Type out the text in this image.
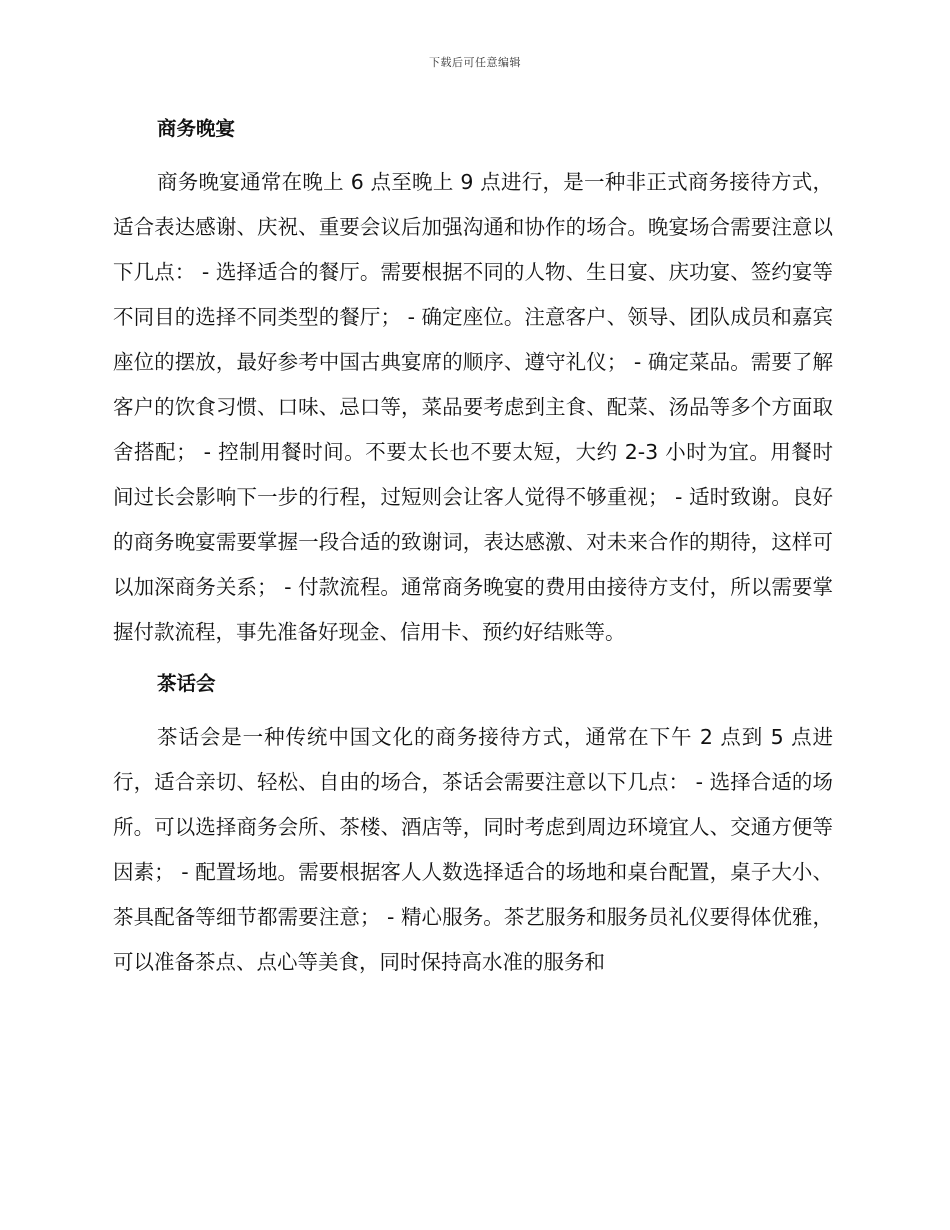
下载后可任意编辑
商务晚宴

商务晚宴通常在晚上 6 点至晚上 9 点进行，是一种非正式商务接待方式，适合表达感谢、庆祝、重要会议后加强沟通和协作的场合。晚宴场合需要注意以下几点： - 选择适合的餐厅。需要根据不同的人物、生日宴、庆功宴、签约宴等不同目的选择不同类型的餐厅； - 确定座位。注意客户、领导、团队成员和嘉宾座位的摆放，最好参考中国古典宴席的顺序、遵守礼仪； - 确定菜品。需要了解客户的饮食习惯、口味、忌口等，菜品要考虑到主食、配菜、汤品等多个方面取舍搭配； - 控制用餐时间。不要太长也不要太短，大约 2-3 小时为宜。用餐时间过长会影响下一步的行程，过短则会让客人觉得不够重视； - 适时致谢。良好的商务晚宴需要掌握一段合适的致谢词，表达感激、对未来合作的期待，这样可以加深商务关系； - 付款流程。通常商务晚宴的费用由接待方支付，所以需要掌握付款流程，事先准备好现金、信用卡、预约好结账等。

茶话会

茶话会是一种传统中国文化的商务接待方式，通常在下午 2 点到 5 点进行，适合亲切、轻松、自由的场合，茶话会需要注意以下几点： - 选择合适的场所。可以选择商务会所、茶楼、酒店等，同时考虑到周边环境宜人、交通方便等因素； - 配置场地。需要根据客人人数选择适合的场地和桌台配置，桌子大小、茶具配备等细节都需要注意； - 精心服务。茶艺服务和服务员礼仪要得体优雅，可以准备茶点、点心等美食，同时保持高水准的服务和
